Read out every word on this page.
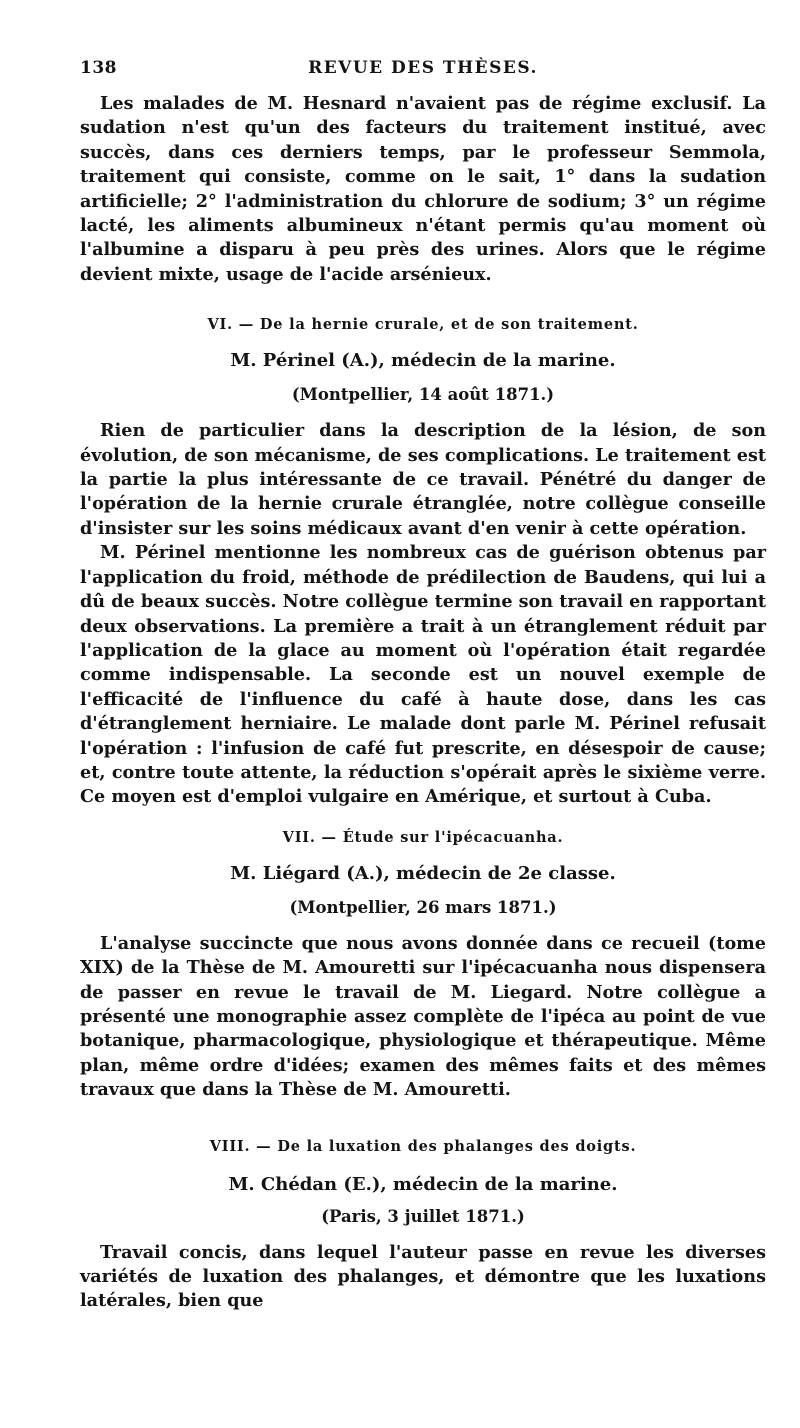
138	REVUE DES THÈSES.

Les malades de M. Hesnard n'avaient pas de régime exclusif. La sudation n'est qu'un des facteurs du traitement institué, avec succès, dans ces derniers temps, par le professeur Semmola, traitement qui consiste, comme on le sait, 1° dans la sudation artificielle; 2° l'administration du chlorure de sodium; 3° un régime lacté, les aliments albumineux n'étant permis qu'au moment où l'albumine a disparu à peu près des urines. Alors que le régime devient mixte, usage de l'acide arsénieux.

VI. — De la hernie crurale, et de son traitement.
M. Périnel (A.), médecin de la marine.
(Montpellier, 14 août 1871.)

Rien de particulier dans la description de la lésion, de son évolution, de son mécanisme, de ses complications. Le traitement est la partie la plus intéressante de ce travail. Pénétré du danger de l'opération de la hernie crurale étranglée, notre collègue conseille d'insister sur les soins médicaux avant d'en venir à cette opération.

M. Périnel mentionne les nombreux cas de guérison obtenus par l'application du froid, méthode de prédilection de Baudens, qui lui a dû de beaux succès. Notre collègue termine son travail en rapportant deux observations. La première a trait à un étranglement réduit par l'application de la glace au moment où l'opération était regardée comme indispensable. La seconde est un nouvel exemple de l'efficacité de l'influence du café à haute dose, dans les cas d'étranglement herniaire. Le malade dont parle M. Périnel refusait l'opération : l'infusion de café fut prescrite, en désespoir de cause; et, contre toute attente, la réduction s'opérait après le sixième verre. Ce moyen est d'emploi vulgaire en Amérique, et surtout à Cuba.

VII. — Étude sur l'ipécacuanha.
M. Liégard (A.), médecin de 2e classe.
(Montpellier, 26 mars 1871.)

L'analyse succincte que nous avons donnée dans ce recueil (tome XIX) de la Thèse de M. Amouretti sur l'ipécacuanha nous dispensera de passer en revue le travail de M. Liegard. Notre collègue a présenté une monographie assez complète de l'ipéca au point de vue botanique, pharmacologique, physiologique et thérapeutique. Même plan, même ordre d'idées; examen des mêmes faits et des mêmes travaux que dans la Thèse de M. Amouretti.

VIII. — De la luxation des phalanges des doigts.
M. Chédan (E.), médecin de la marine.
(Paris, 3 juillet 1871.)

Travail concis, dans lequel l'auteur passe en revue les diverses variétés de luxation des phalanges, et démontre que les luxations latérales, bien que
